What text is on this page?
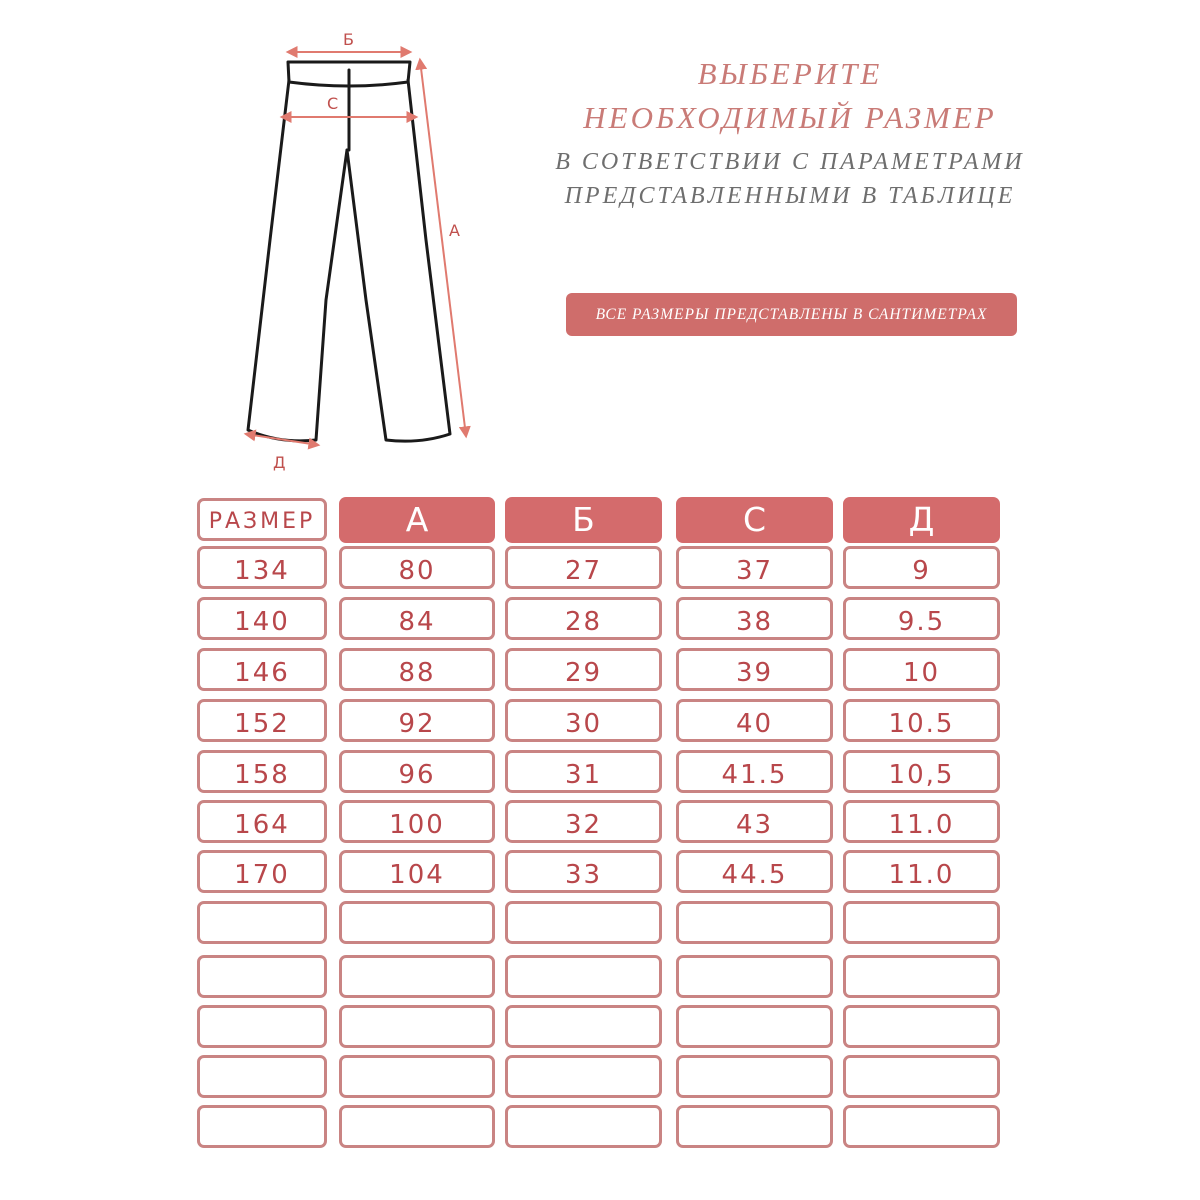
Б
С
А
Д
ВЫБЕРИТЕ
НЕОБХОДИМЫЙ РАЗМЕР
В СОТВЕТСТВИИ С ПАРАМЕТРАМИ
ПРЕДСТАВЛЕННЫМИ В ТАБЛИЦЕ
ВСЕ РАЗМЕРЫ ПРЕДСТАВЛЕНЫ В САНТИМЕТРАХ
РАЗМЕР	А	Б	С	Д
134	80	27	37	9
140	84	28	38	9.5
146	88	29	39	10
152	92	30	40	10.5
158	96	31	41.5	10,5
164	100	32	43	11.0
170	104	33	44.5	11.0
